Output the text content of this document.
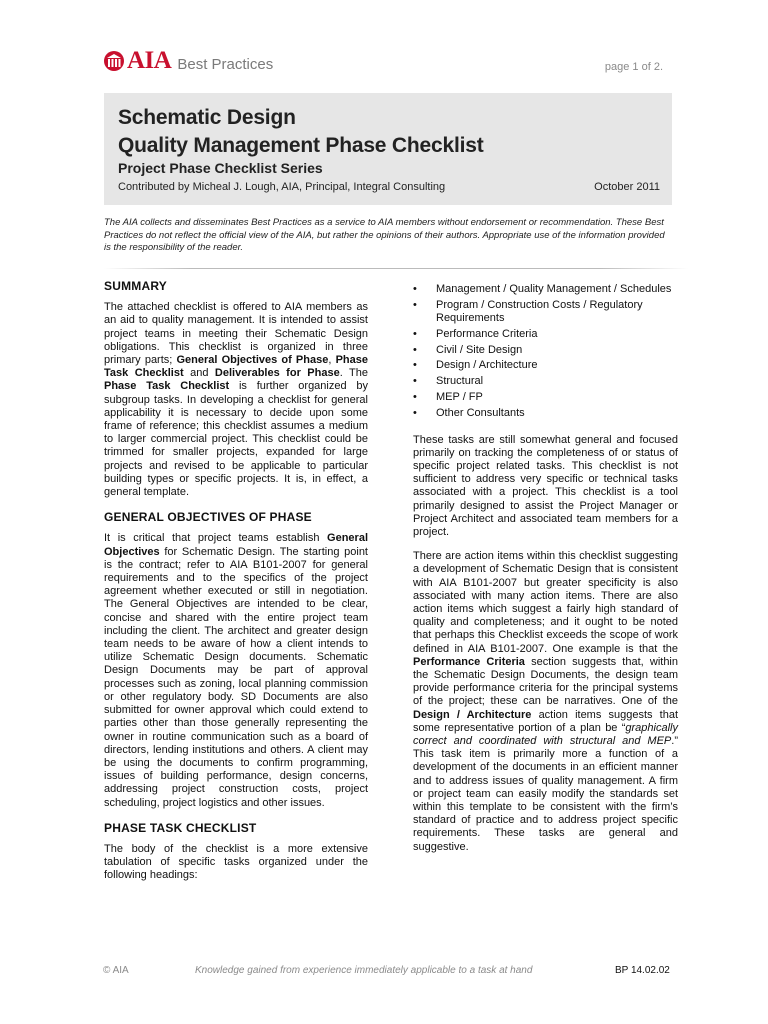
AIA Best Practices	page 1 of 2.
Schematic Design
Quality Management Phase Checklist
Project Phase Checklist Series
Contributed by Micheal J. Lough, AIA, Principal, Integral Consulting	October 2011
The AIA collects and disseminates Best Practices as a service to AIA members without endorsement or recommendation. These Best Practices do not reflect the official view of the AIA, but rather the opinions of their authors. Appropriate use of the information provided is the responsibility of the reader.
SUMMARY

The attached checklist is offered to AIA members as an aid to quality management. It is intended to assist project teams in meeting their Schematic Design obligations. This checklist is organized in three primary parts; General Objectives of Phase, Phase Task Checklist and Deliverables for Phase. The Phase Task Checklist is further organized by subgroup tasks. In developing a checklist for general applicability it is necessary to decide upon some frame of reference; this checklist assumes a medium to larger commercial project. This checklist could be trimmed for smaller projects, expanded for large projects and revised to be applicable to particular building types or specific projects. It is, in effect, a general template.

GENERAL OBJECTIVES OF PHASE

It is critical that project teams establish General Objectives for Schematic Design. The starting point is the contract; refer to AIA B101-2007 for general requirements and to the specifics of the project agreement whether executed or still in negotiation. The General Objectives are intended to be clear, concise and shared with the entire project team including the client. The architect and greater design team needs to be aware of how a client intends to utilize Schematic Design documents. Schematic Design Documents may be part of approval processes such as zoning, local planning commission or other regulatory body. SD Documents are also submitted for owner approval which could extend to parties other than those generally representing the owner in routine communication such as a board of directors, lending institutions and others. A client may be using the documents to confirm programming, issues of building performance, design concerns, addressing project construction costs, project scheduling, project logistics and other issues.

PHASE TASK CHECKLIST

The body of the checklist is a more extensive tabulation of specific tasks organized under the following headings:

• Management / Quality Management / Schedules
• Program / Construction Costs / Regulatory Requirements
• Performance Criteria
• Civil / Site Design
• Design / Architecture
• Structural
• MEP / FP
• Other Consultants

These tasks are still somewhat general and focused primarily on tracking the completeness of or status of specific project related tasks. This checklist is not sufficient to address very specific or technical tasks associated with a project. This checklist is a tool primarily designed to assist the Project Manager or Project Architect and associated team members for a project.

There are action items within this checklist suggesting a development of Schematic Design that is consistent with AIA B101-2007 but greater specificity is also associated with many action items. There are also action items which suggest a fairly high standard of quality and completeness; and it ought to be noted that perhaps this Checklist exceeds the scope of work defined in AIA B101-2007. One example is that the Performance Criteria section suggests that, within the Schematic Design Documents, the design team provide performance criteria for the principal systems of the project; these can be narratives. One of the Design / Architecture action items suggests that some representative portion of a plan be “graphically correct and coordinated with structural and MEP.” This task item is primarily more a function of a development of the documents in an efficient manner and to address issues of quality management. A firm or project team can easily modify the standards set within this template to be consistent with the firm’s standard of practice and to address project specific requirements. These tasks are general and suggestive.

© AIA	Knowledge gained from experience immediately applicable to a task at hand	BP 14.02.02
